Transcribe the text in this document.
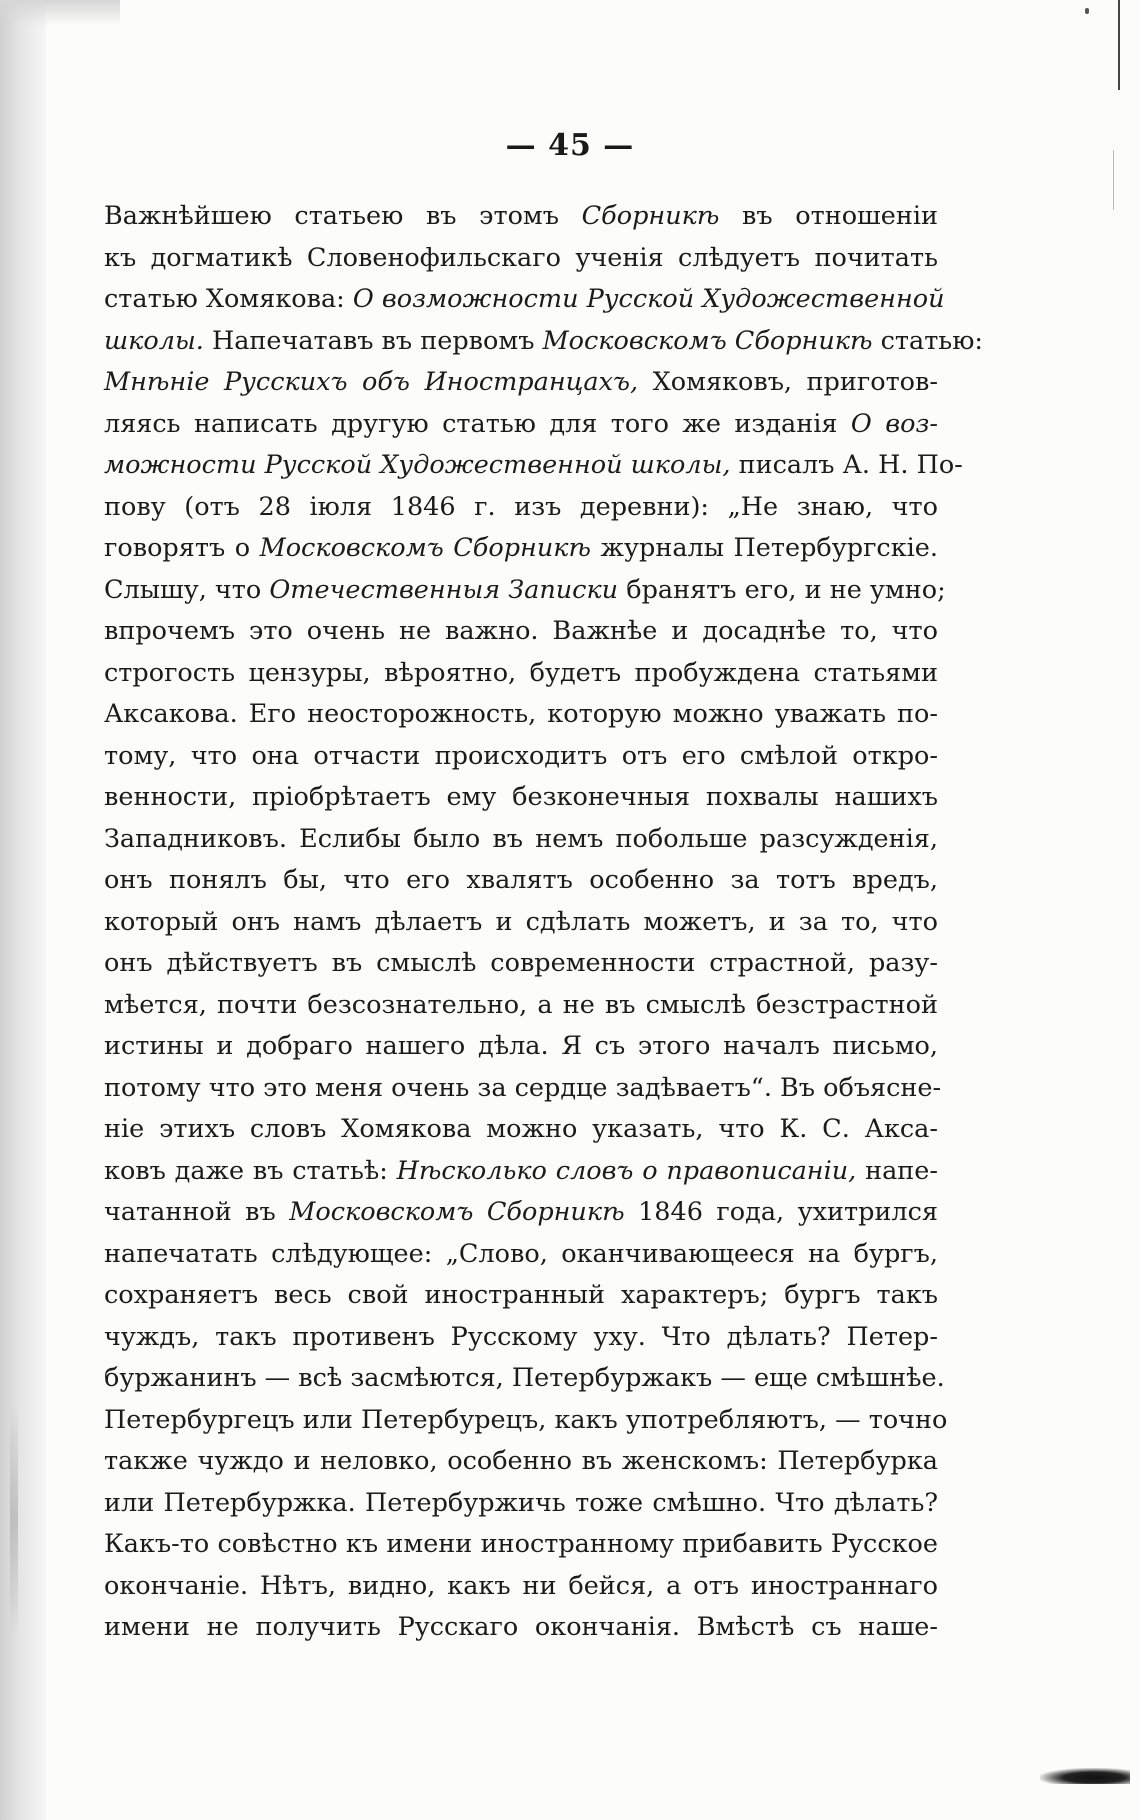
— 45 —
Важнѣйшею статьею въ этомъ Сборникѣ въ отношеніи
къ догматикѣ Словенофильскаго ученія слѣдуетъ почитать
статью Хомякова: О возможности Русской Художественной
школы. Напечатавъ въ первомъ Московскомъ Сборникѣ статью:
Мнѣніе Русскихъ объ Иностранцахъ, Хомяковъ, приготов-
ляясь написать другую статью для того же изданія О воз-
можности Русской Художественной школы, писалъ А. Н. По-
пову (отъ 28 іюля 1846 г. изъ деревни): „Не знаю, что
говорятъ о Московскомъ Сборникѣ журналы Петербургскіе.
Слышу, что Отечественныя Записки бранятъ его, и не умно;
впрочемъ это очень не важно. Важнѣе и досаднѣе то, что
строгость цензуры, вѣроятно, будетъ пробуждена статьями
Аксакова. Его неосторожность, которую можно уважать по-
тому, что она отчасти происходитъ отъ его смѣлой откро-
венности, пріобрѣтаетъ ему безконечныя похвалы нашихъ
Западниковъ. Еслибы было въ немъ побольше разсужденія,
онъ понялъ бы, что его хвалятъ особенно за тотъ вредъ,
который онъ намъ дѣлаетъ и сдѣлать можетъ, и за то, что
онъ дѣйствуетъ въ смыслѣ современности страстной, разу-
мѣется, почти безсознательно, а не въ смыслѣ безстрастной
истины и добраго нашего дѣла. Я съ этого началъ письмо,
потому что это меня очень за сердце задѣваетъ“. Въ объясне-
ніе этихъ словъ Хомякова можно указать, что К. С. Акса-
ковъ даже въ статьѣ: Нѣсколько словъ о правописаніи, напе-
чатанной въ Московскомъ Сборникѣ 1846 года, ухитрился
напечатать слѣдующее: „Слово, оканчивающееся на бургъ,
сохраняетъ весь свой иностранный характеръ; бургъ такъ
чуждъ, такъ противенъ Русскому уху. Что дѣлать? Петер-
буржанинъ — всѣ засмѣются, Петербуржакъ — еще смѣшнѣе.
Петербургецъ или Петербурецъ, какъ употребляютъ, — точно
также чуждо и неловко, особенно въ женскомъ: Петербурка
или Петербуржка. Петербуржичь тоже смѣшно. Что дѣлать?
Какъ-то совѣстно къ имени иностранному прибавить Русское
окончаніе. Нѣтъ, видно, какъ ни бейся, а отъ иностраннаго
имени не получить Русскаго окончанія. Вмѣстѣ съ наше-
